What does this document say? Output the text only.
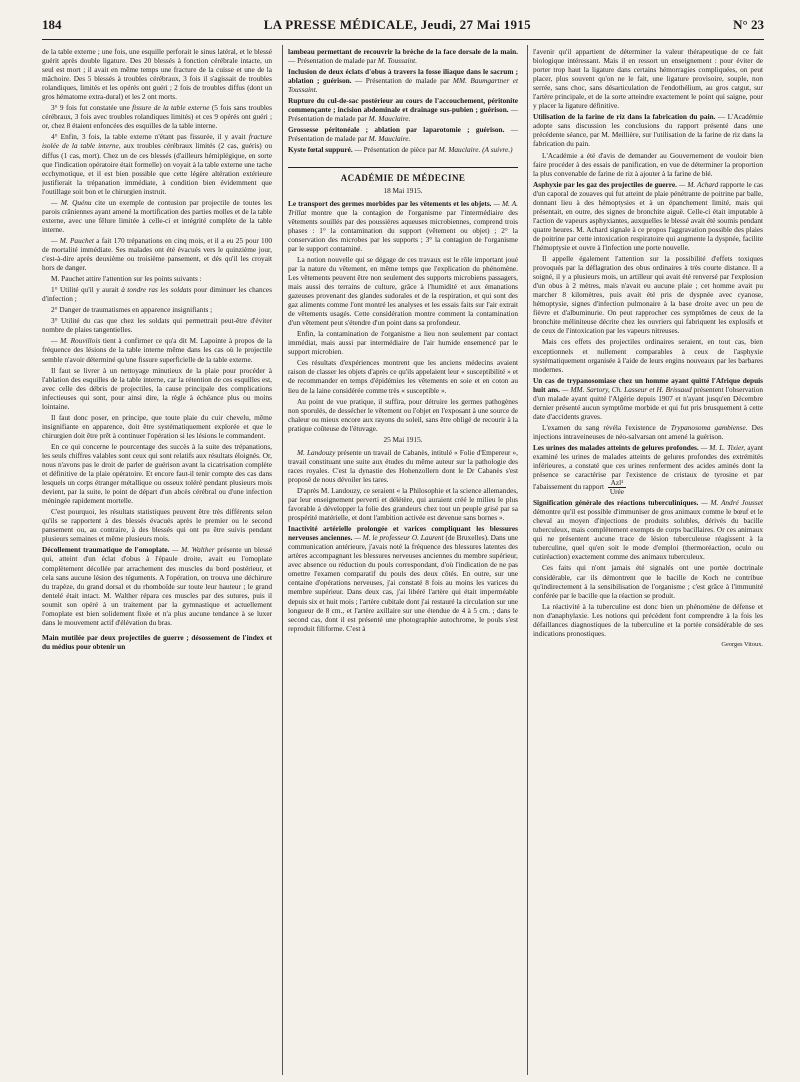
184	LA PRESSE MÉDICALE, Jeudi, 27 Mai 1915	N° 23

de la table externe ; une fois, une esquille perforait le sinus latéral, et le blessé guérit après double ligature. Des 20 blessés à fonction cérébrale intacte, un seul est mort ; il avait en même temps une fracture de la cuisse et une de la mâchoire. Des 5 blessés à troubles cérébraux, 3 fois il s'agissait de troubles rolandiques, limités et les opérés ont guéri ; 2 fois de troubles diffus (dont un gros hématome extra-dural) et les 2 ont morts.

3° 9 fois fut constatée une fissure de la table externe (5 fois sans troubles cérébraux, 3 fois avec troubles rolandiques limités) et ces 9 opérés ont guéri ; or, chez 8 étaient enfoncées des esquilles de la table interne.

4° Enfin, 3 fois, la table externe n'étant pas fissurée, il y avait fracture isolée de la table interne, aux troubles cérébraux limités (2 cas, guéris) ou diffus (1 cas, mort). Chez un de ces blessés (d'ailleurs hémiplégique, en sorte que l'indication opératoire était formelle) on voyait à la table externe une tache ecchymotique, et il est bien possible que cette légère altération extérieure justifierait la trépanation immédiate, à condition bien évidemment que l'outillage soit bon et le chirurgien instruit.

— M. Quénu cite un exemple de contusion par projectile de toutes les parois crâniennes ayant amené la mortification des parties molles et de la table externe, avec une fêlure limitée à celle-ci et intégrité complète de la table interne.

— M. Pauchet a fait 170 trépanations en cinq mois, et il a eu 25 pour 100 de mortalité immédiate. Ses malades ont été évacués vers le quinzième jour, c'est-à-dire après deuxième ou troisième pansement, et dès qu'il les croyait hors de danger.

M. Pauchet attire l'attention sur les points suivants :

1° Utilité qu'il y aurait à tondre ras les soldats pour diminuer les chances d'infection ;

2° Danger de traumatismes en apparence insignifiants ;

3° Utilité du cas que chez les soldats qui permettrait peut-être d'éviter nombre de plaies tangentielles.

— M. Rouvillois tient à confirmer ce qu'a dit M. Lapointe à propos de la fréquence des lésions de la table interne même dans les cas où le projectile semble n'avoir déterminé qu'une fissure superficielle de la table externe.

Il faut se livrer à un nettoyage minutieux de la plaie pour procéder à l'ablation des esquilles de la table interne, car la rétention de ces esquilles est, avec celle des débris de projectiles, la cause principale des complications infectieuses qui sont, pour ainsi dire, la règle à échéance plus ou moins lointaine.

Il faut donc poser, en principe, que toute plaie du cuir chevelu, même insignifiante en apparence, doit être systématiquement explorée et que le chirurgien doit être prêt à continuer l'opération si les lésions le commandent.

En ce qui concerne le pourcentage des succès à la suite des trépanations, les seuls chiffres valables sont ceux qui sont relatifs aux résultats éloignés. Or, nous n'avons pas le droit de parler de guérison avant la cicatrisation complète et définitive de la plaie opératoire. Et encore faut-il tenir compte des cas dans lesquels un corps étranger métallique ou osseux toléré pendant plusieurs mois devient, par la suite, le point de départ d'un abcès cérébral ou d'une infection méningée rapidement mortelle.

C'est pourquoi, les résultats statistiques peuvent être très différents selon qu'ils se rapportent à des blessés évacués après le premier ou le second pansement ou, au contraire, à des blessés qui ont pu être suivis pendant plusieurs semaines et même plusieurs mois.

Décollement traumatique de l'omoplate. — M. Walther présente un blessé qui, atteint d'un éclat d'obus à l'épaule droite, avait eu l'omoplate complètement décollée par arrachement des muscles du bord postérieur, et cela sans aucune lésion des téguments. A l'opération, on trouva une déchirure du trapèze, du grand dorsal et du rhomboïde sur toute leur hauteur ; le grand dentelé était intact. M. Walther répara ces muscles par des sutures, puis il soumit son opéré à un traitement par la gymnastique et actuellement l'omoplate est bien solidement fixée et n'a plus aucune tendance à se luxer dans le mouvement actif d'élévation du bras.

Main mutilée par deux projectiles de guerre ; désossement de l'index et du médius pour obtenir un

lambeau permettant de recouvrir la brèche de la face dorsale de la main. — Présentation de malade par M. Toussaint.

Inclusion de deux éclats d'obus à travers la fosse iliaque dans le sacrum ; ablation ; guérison. — Présentation de malade par MM. Baumgartner et Toussaint.

Rupture du cul-de-sac postérieur au cours de l'accouchement, péritonite commençante ; incision abdominale et drainage sus-pubien ; guérison. — Présentation de malade par M. Mauclaire.

Grossesse péritonéale ; ablation par laparotomie ; guérison. — Présentation de malade par M. Mauclaire.

Kyste fœtal suppuré. — Présentation de pièce par M. Mauclaire. (A suivre.)

ACADÉMIE DE MÉDECINE
18 Mai 1915.

Le transport des germes morbides par les vêtements et les objets. — M. A. Trillat montre que la contagion de l'organisme par l'intermédiaire des vêtements souillés par des poussières aqueuses microbiennes, comprend trois phases : 1° la contamination du support (vêtement ou objet) ; 2° la conservation des microbes par les supports ; 3° la contagion de l'organisme par le support contaminé.

La notion nouvelle qui se dégage de ces travaux est le rôle important joué par la nature du vêtement, en même temps que l'explication du phénomène. Les vêtements peuvent être non seulement des supports microbiens passagers, mais aussi des terrains de culture, grâce à l'humidité et aux émanations gazeuses provenant des glandes sudorales et de la respiration, et qui sont des gaz aliments comme l'ont montré les analyses et les essais faits sur l'air extrait de vêtements usagés. Cette considération montre comment la contamination d'un vêtement peut s'étendre d'un point dans sa profondeur.

Enfin, la contamination de l'organisme a lieu non seulement par contact immédiat, mais aussi par intermédiaire de l'air humide ensemencé par le support microbien.

Ces résultats d'expériences montrent que les anciens médecins avaient raison de classer les objets d'après ce qu'ils appelaient leur « susceptibilité » et de recommander en temps d'épidémies les vêtements en soie et en coton au lieu de la laine considérée comme très « susceptible ».

Au point de vue pratique, il suffira, pour détruire les germes pathogènes non sporulés, de dessécher le vêtement ou l'objet en l'exposant à une source de chaleur ou mieux encore aux rayons du soleil, sans être obligé de recourir à la pratique coûteuse de l'étuvage.

25 Mai 1915.

M. Landouzy présente un travail de Cabanès, intitulé « Folie d'Empereur », travail constituant une suite aux études du même auteur sur la pathologie des races royales. C'est la dynastie des Hohenzollern dont le Dr Cabanès s'est proposé de nous dévoiler les tares.

D'après M. Landouzy, ce seraient « la Philosophie et la science allemandes, par leur enseignement perverti et délétère, qui auraient créé le milieu le plus favorable à développer la folie des grandeurs chez tout un peuple grisé par sa prospérité matérielle, et dont l'ambition activée est devenue sans bornes ».

Inactivité artérielle prolongée et varices compliquant les blessures nerveuses anciennes. — M. le professeur O. Laurent (de Bruxelles). Dans une communication antérieure, j'avais noté la fréquence des blessures latentes des artères accompagnant les blessures nerveuses anciennes du membre supérieur, avec absence ou réduction du pouls correspondant, d'où l'indication de ne pas omettre l'examen comparatif du pouls des deux côtés. En outre, sur une centaine d'opérations nerveuses, j'ai constaté 8 fois au moins les varices du membre supérieur. Dans deux cas, j'ai libéré l'artère qui était imperméable depuis six et huit mois ; l'artère cubitale dont j'ai restauré la circulation sur une longueur de 8 cm., et l'artère axillaire sur une étendue de 4 à 5 cm. ; dans le second cas, dont il est présenté une photographie autochrome, le pouls s'est reproduit filiforme. C'est à

l'avenir qu'il appartient de déterminer la valeur thérapeutique de ce fait biologique intéressant. Mais il en ressort un enseignement : pour éviter de porter trop haut la ligature dans certains hémorragies compliquées, on peut placer, plus souvent qu'on ne le fait, une ligature provisoire, souple, non serrée, sans choc, sans désarticulation de l'endothélium, au gros catgut, sur l'artère principale, et de la sorte atteindre exactement le point qui saigne, pour y placer la ligature définitive.

Utilisation de la farine de riz dans la fabrication du pain. — L'Académie adopte sans discussion les conclusions du rapport présenté dans une précédente séance, par M. Meillière, sur l'utilisation de la farine de riz dans la fabrication du pain.

L'Académie a été d'avis de demander au Gouvernement de vouloir bien faire procéder à des essais de panification, en vue de déterminer la proportion la plus convenable de farine de riz à ajouter à la farine de blé.

Asphyxie par les gaz des projectiles de guerre. — M. Achard rapporte le cas d'un caporal de zouaves qui fut atteint de plaie pénétrante de poitrine par balle, donnant lieu à des hémoptysies et à un épanchement limité, mais qui présentait, en outre, des signes de bronchite aiguë. Celle-ci était imputable à l'action de vapeurs asphyxiantes, auxquelles le blessé avait été soumis pendant quatre heures. M. Achard signale à ce propos l'aggravation possible des plaies de poitrine par cette intoxication respiratoire qui augmente la dyspnée, facilite l'hémoptysie et ouvre à l'infection une porte nouvelle.

Il appelle également l'attention sur la possibilité d'effets toxiques provoqués par la déflagration des obus ordinaires à très courte distance. Il a soigné, il y a plusieurs mois, un artilleur qui avait été renversé par l'explosion d'un obus à 2 mètres, mais n'avait eu aucune plaie ; cet homme avait pu marcher 8 kilomètres, puis avait été pris de dyspnée avec cyanose, hémoptysie, signes d'infection pulmonaire à la base droite avec un peu de fièvre et d'albuminurie. On peut rapprocher ces symptômes de ceux de la bronchite méliniteuse décrite chez les ouvriers qui fabriquent les explosifs et de ceux de l'intoxication par les vapeurs nitreuses.

Mais ces effets des projectiles ordinaires seraient, en tout cas, bien exceptionnels et nullement comparables à ceux de l'asphyxie systématiquement organisée à l'aide de leurs engins nouveaux par les barbares modernes.

Un cas de trypanosomiase chez un homme ayant quitté l'Afrique depuis huit ans. — MM. Sartory, Ch. Lasseur et H. Brissaud présentent l'observation d'un malade ayant quitté l'Algérie depuis 1907 et n'ayant jusqu'en Décembre dernier présenté aucun symptôme morbide et qui fut pris brusquement à cette date d'accidents graves.

L'examen du sang révéla l'existence de Trypanosoma gambiense. Des injections intraveineuses de néo-salvarsan ont amené la guérison.

Les urines des malades atteints de gelures profondes. — M. L. Tixier, ayant examiné les urines de malades atteints de gelures profondes des extrémités inférieures, a constaté que ces urines renferment des acides aminés dont la présence se caractérise par l'existence de cristaux de tyrosine et par l'abaissement du rapport Azl¹
Urée

Signification générale des réactions tuberculiniques. — M. André Jousset démontre qu'il est possible d'immuniser de gros animaux comme le bœuf et le cheval au moyen d'injections de produits solubles, dérivés du bacille tuberculeux, mais complètement exempts de corps bacillaires. Or ces animaux qui ne présentent aucune trace de lésion tuberculeuse réagissent à la tuberculine, quel qu'en soit le mode d'emploi (thermoréaction, oculo ou cutiréaction) exactement comme des animaux tuberculeux.

Ces faits qui n'ont jamais été signalés ont une portée doctrinale considérable, car ils démontrent que le bacille de Koch ne contribue qu'indirectement à la sensibilisation de l'organisme ; c'est grâce à l'immunité conférée par le bacille que la réaction se produit.

La réactivité à la tuberculine est donc bien un phénomène de défense et non d'anaphylaxie. Les notions qui précèdent font comprendre à la fois les défaillances diagnostiques de la tuberculine et la portée considérable de ses indications pronostiques.

Georges Vitoux.
